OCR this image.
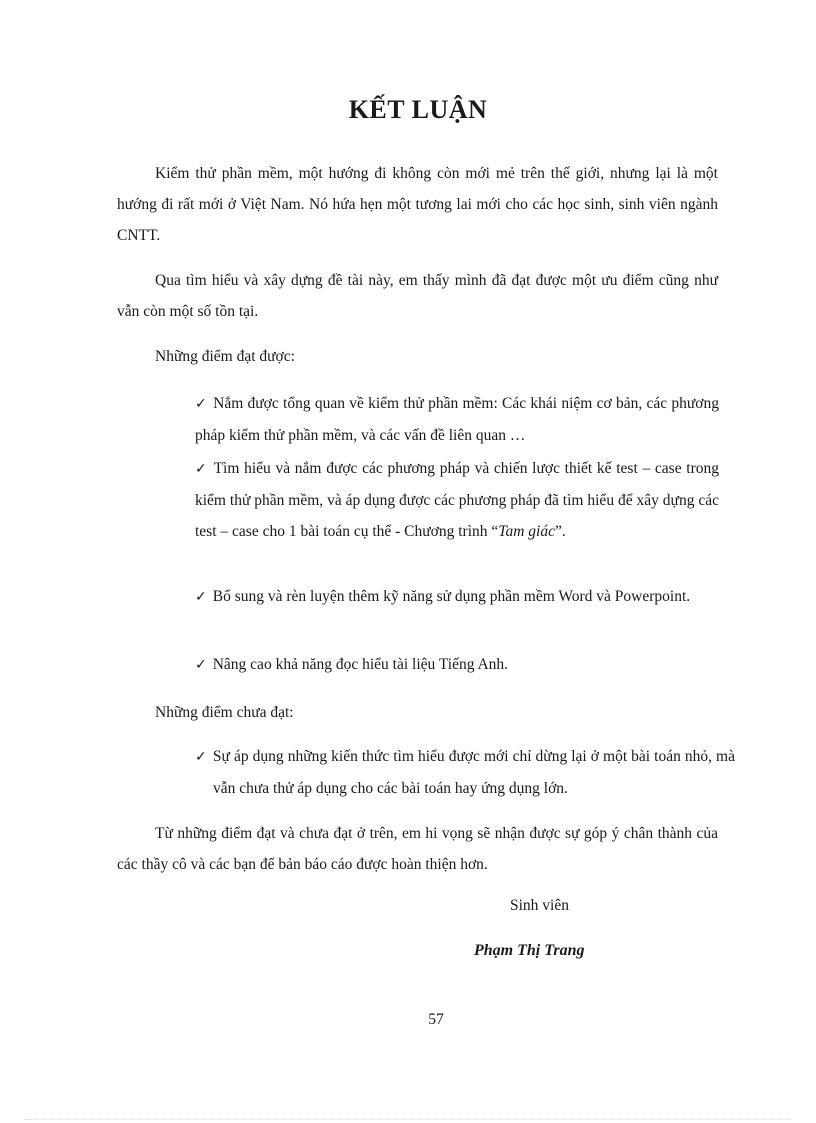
KẾT LUẬN

Kiểm thử phần mềm, một hướng đi không còn mới mẻ trên thế giới, nhưng lại là một hướng đi rất mới ở Việt Nam. Nó hứa hẹn một tương lai mới cho các học sinh, sinh viên ngành CNTT.

Qua tìm hiểu và xây dựng đề tài này, em thấy mình đã đạt được một ưu điểm cũng như vẫn còn một số tồn tại.

Những điểm đạt được:

✓ Nắm được tổng quan về kiểm thử phần mềm: Các khái niệm cơ bản, các phương pháp kiểm thử phần mềm, và các vấn đề liên quan …

✓ Tìm hiểu và nắm được các phương pháp và chiến lược thiết kế test – case trong kiểm thử phần mềm, và áp dụng được các phương pháp đã tìm hiểu để xây dựng các test – case cho 1 bài toán cụ thể - Chương trình “Tam giác”.

✓ Bổ sung và rèn luyện thêm kỹ năng sử dụng phần mềm Word và Powerpoint.

✓ Nâng cao khả năng đọc hiểu tài liệu Tiếng Anh.

Những điểm chưa đạt:

✓ Sự áp dụng những kiến thức tìm hiểu được mới chỉ dừng lại ở một bài toán nhỏ, mà vẫn chưa thử áp dụng cho các bài toán hay ứng dụng lớn.

Từ những điểm đạt và chưa đạt ở trên, em hi vọng sẽ nhận được sự góp ý chân thành của các thầy cô và các bạn để bản báo cáo được hoàn thiện hơn.

Sinh viên

Phạm Thị Trang

57
